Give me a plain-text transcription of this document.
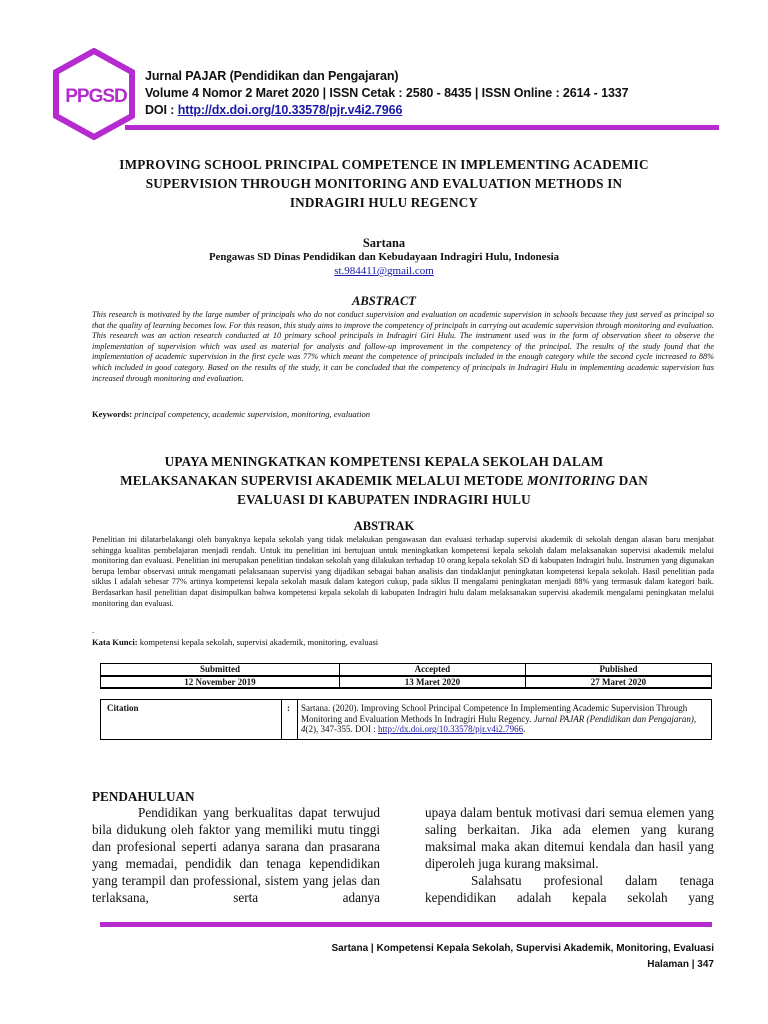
PPGSD
Jurnal PAJAR (Pendidikan dan Pengajaran)
Volume 4 Nomor 2 Maret 2020 | ISSN Cetak : 2580 - 8435 | ISSN Online : 2614 - 1337
DOI : http://dx.doi.org/10.33578/pjr.v4i2.7966
IMPROVING SCHOOL PRINCIPAL COMPETENCE IN IMPLEMENTING ACADEMIC
SUPERVISION THROUGH MONITORING AND EVALUATION METHODS IN
INDRAGIRI HULU REGENCY
Sartana
Pengawas SD Dinas Pendidikan dan Kebudayaan Indragiri Hulu, Indonesia
st.984411@gmail.com
ABSTRACT
This research is motivated by the large number of principals who do not conduct supervision and evaluation on academic supervision in schools because they just served as principal so that the quality of learning becomes low. For this reason, this study aims to improve the competency of principals in carrying out academic supervision through monitoring and evaluation. This research was an action research conducted at 10 primary school principals in Indragiri Giri Hulu. The instrument used was in the form of observation sheet to observe the implementation of supervision which was used as material for analysis and follow-up improvement in the competency of the principal. The results of the study found that the implementation of academic supervision in the first cycle was 77% which meant the competence of principals included in the enough category while the second cycle increased to 88% which included in good category. Based on the results of the study, it can be concluded that the competency of principals in Indragiri Hulu in implementing academic supervision has increased through monitoring and evaluation.
Keywords: principal competency, academic supervision, monitoring, evaluation
UPAYA MENINGKATKAN KOMPETENSI KEPALA SEKOLAH DALAM
MELAKSANAKAN SUPERVISI AKADEMIK MELALUI METODE MONITORING DAN
EVALUASI DI KABUPATEN INDRAGIRI HULU
ABSTRAK
Penelitian ini dilatarbelakangi oleh banyaknya kepala sekolah yang tidak melakukan pengawasan dan evaluasi terhadap supervisi akademik di sekolah dengan alasan baru menjabat sehingga kualitas pembelajaran menjadi rendah. Untuk itu penelitian ini bertujuan untuk meningkatkan kompetensi kepala sekolah dalam melaksanakan supervisi akademik melalui monitoring dan evaluasi. Penelitian ini merupakan penelitian tindakan sekolah yang dilakukan terhadap 10 orang kepala sekolah SD di kabupaten Indragiri hulu. Instrumen yang digunakan berupa lembar observasi untuk mengamati pelaksanaan supervisi yang dijadikan sebagai bahan analisis dan tindaklanjut peningkatan kompetensi kepala sekolah. Hasil penelitian pada siklus I adalah sebesar 77% artinya kompetensi kepala sekolah masuk dalam kategori cukup, pada siklus II mengalami peningkatan menjadi 88% yang termasuk dalam kategori baik. Berdasarkan hasil penelitian dapat disimpulkan bahwa kompetensi kepala sekolah di kabupaten Indragiri hulu dalam melaksanakan supervisi akademik mengalami peningkatan melalui monitoring dan evaluasi.
.
Kata Kunci: kompetensi kepala sekolah, supervisi akademik, monitoring, evaluasi
Submitted	Accepted	Published
12 November 2019	13 Maret 2020	27 Maret 2020
Citation	: Sartana. (2020). Improving School Principal Competence In Implementing Academic Supervision Through Monitoring and Evaluation Methods In Indragiri Hulu Regency. Jurnal PAJAR (Pendidikan dan Pengajaran), 4(2), 347-355. DOI : http://dx.doi.org/10.33578/pjr.v4i2.7966.
PENDAHULUAN
Pendidikan yang berkualitas dapat terwujud bila didukung oleh faktor yang memiliki mutu tinggi dan profesional seperti adanya sarana dan prasarana yang memadai, pendidik dan tenaga kependidikan yang terampil dan professional, sistem yang jelas dan terlaksana, serta adanya
upaya dalam bentuk motivasi dari semua elemen yang saling berkaitan. Jika ada elemen yang kurang maksimal maka akan ditemui kendala dan hasil yang diperoleh juga kurang maksimal.
Salahsatu profesional dalam tenaga kependidikan adalah kepala sekolah yang
Sartana | Kompetensi Kepala Sekolah, Supervisi Akademik, Monitoring, Evaluasi
Halaman | 347
